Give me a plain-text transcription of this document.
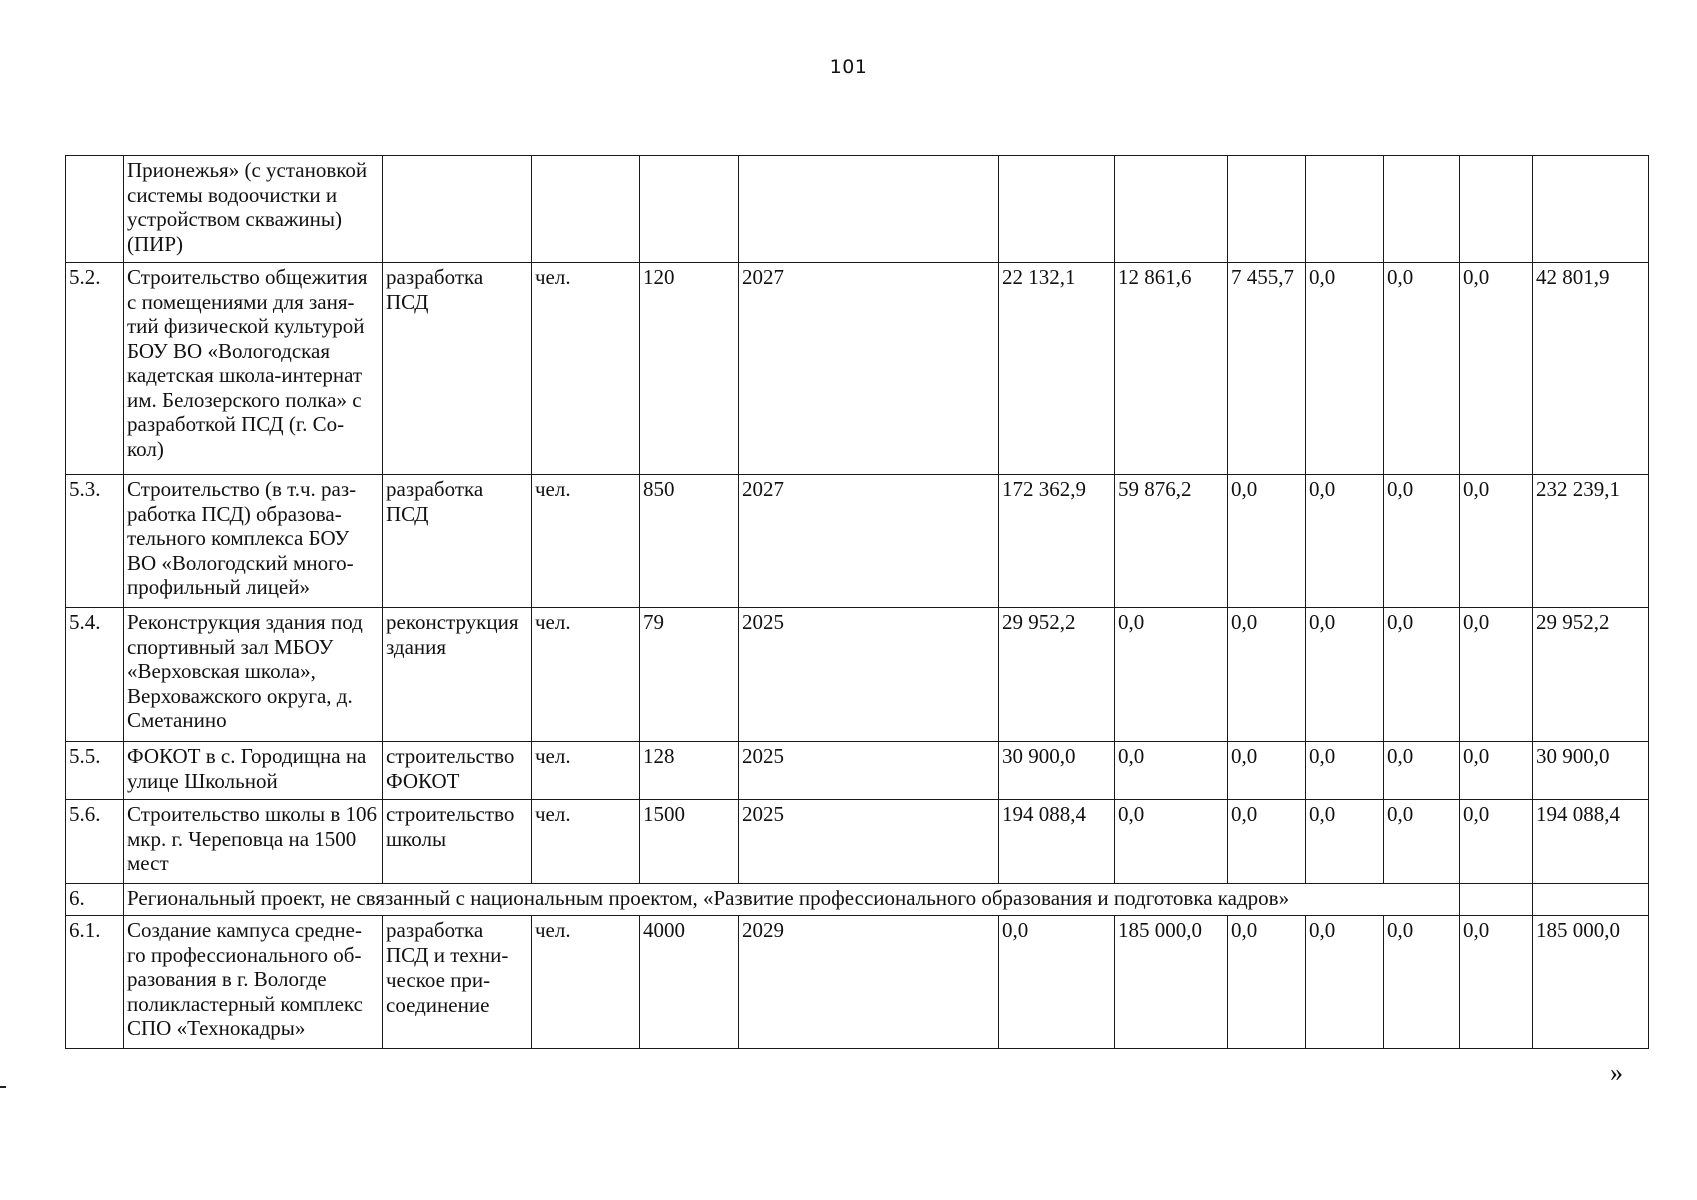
101
	Прионежья» (с установкой системы водоочистки и устройством скважины) (ПИР)											
5.2.	Строительство общежития с помещениями для заня-тий физической культурой БОУ ВО «Вологодская кадетская школа-интернат им. Белозерского полка» с разработкой ПСД (г. Со-кол)	разработка ПСД	чел.	120	2027	22 132,1	12 861,6	7 455,7	0,0	0,0	0,0	42 801,9
5.3.	Строительство (в т.ч. раз-работка ПСД) образова-тельного комплекса БОУ ВО «Вологодский много-профильный лицей»	разработка ПСД	чел.	850	2027	172 362,9	59 876,2	0,0	0,0	0,0	0,0	232 239,1
5.4.	Реконструкция здания под спортивный зал МБОУ «Верховская школа», Верховажского округа, д. Сметанино	реконструкция здания	чел.	79	2025	29 952,2	0,0	0,0	0,0	0,0	0,0	29 952,2
5.5.	ФОКОТ в с. Городищна на улице Школьной	строительство ФОКОТ	чел.	128	2025	30 900,0	0,0	0,0	0,0	0,0	0,0	30 900,0
5.6.	Строительство школы в 106 мкр. г. Череповца на 1500 мест	строительство школы	чел.	1500	2025	194 088,4	0,0	0,0	0,0	0,0	0,0	194 088,4
6.	Региональный проект, не связанный с национальным проектом, «Развитие профессионального образования и подготовка кадров»											
6.1.	Создание кампуса средне-го профессионального об-разования в г. Вологде поликластерный комплекс СПО «Технокадры»	разработка ПСД и техни-ческое при-соединение	чел.	4000	2029	0,0	185 000,0	0,0	0,0	0,0	0,0	185 000,0
»
